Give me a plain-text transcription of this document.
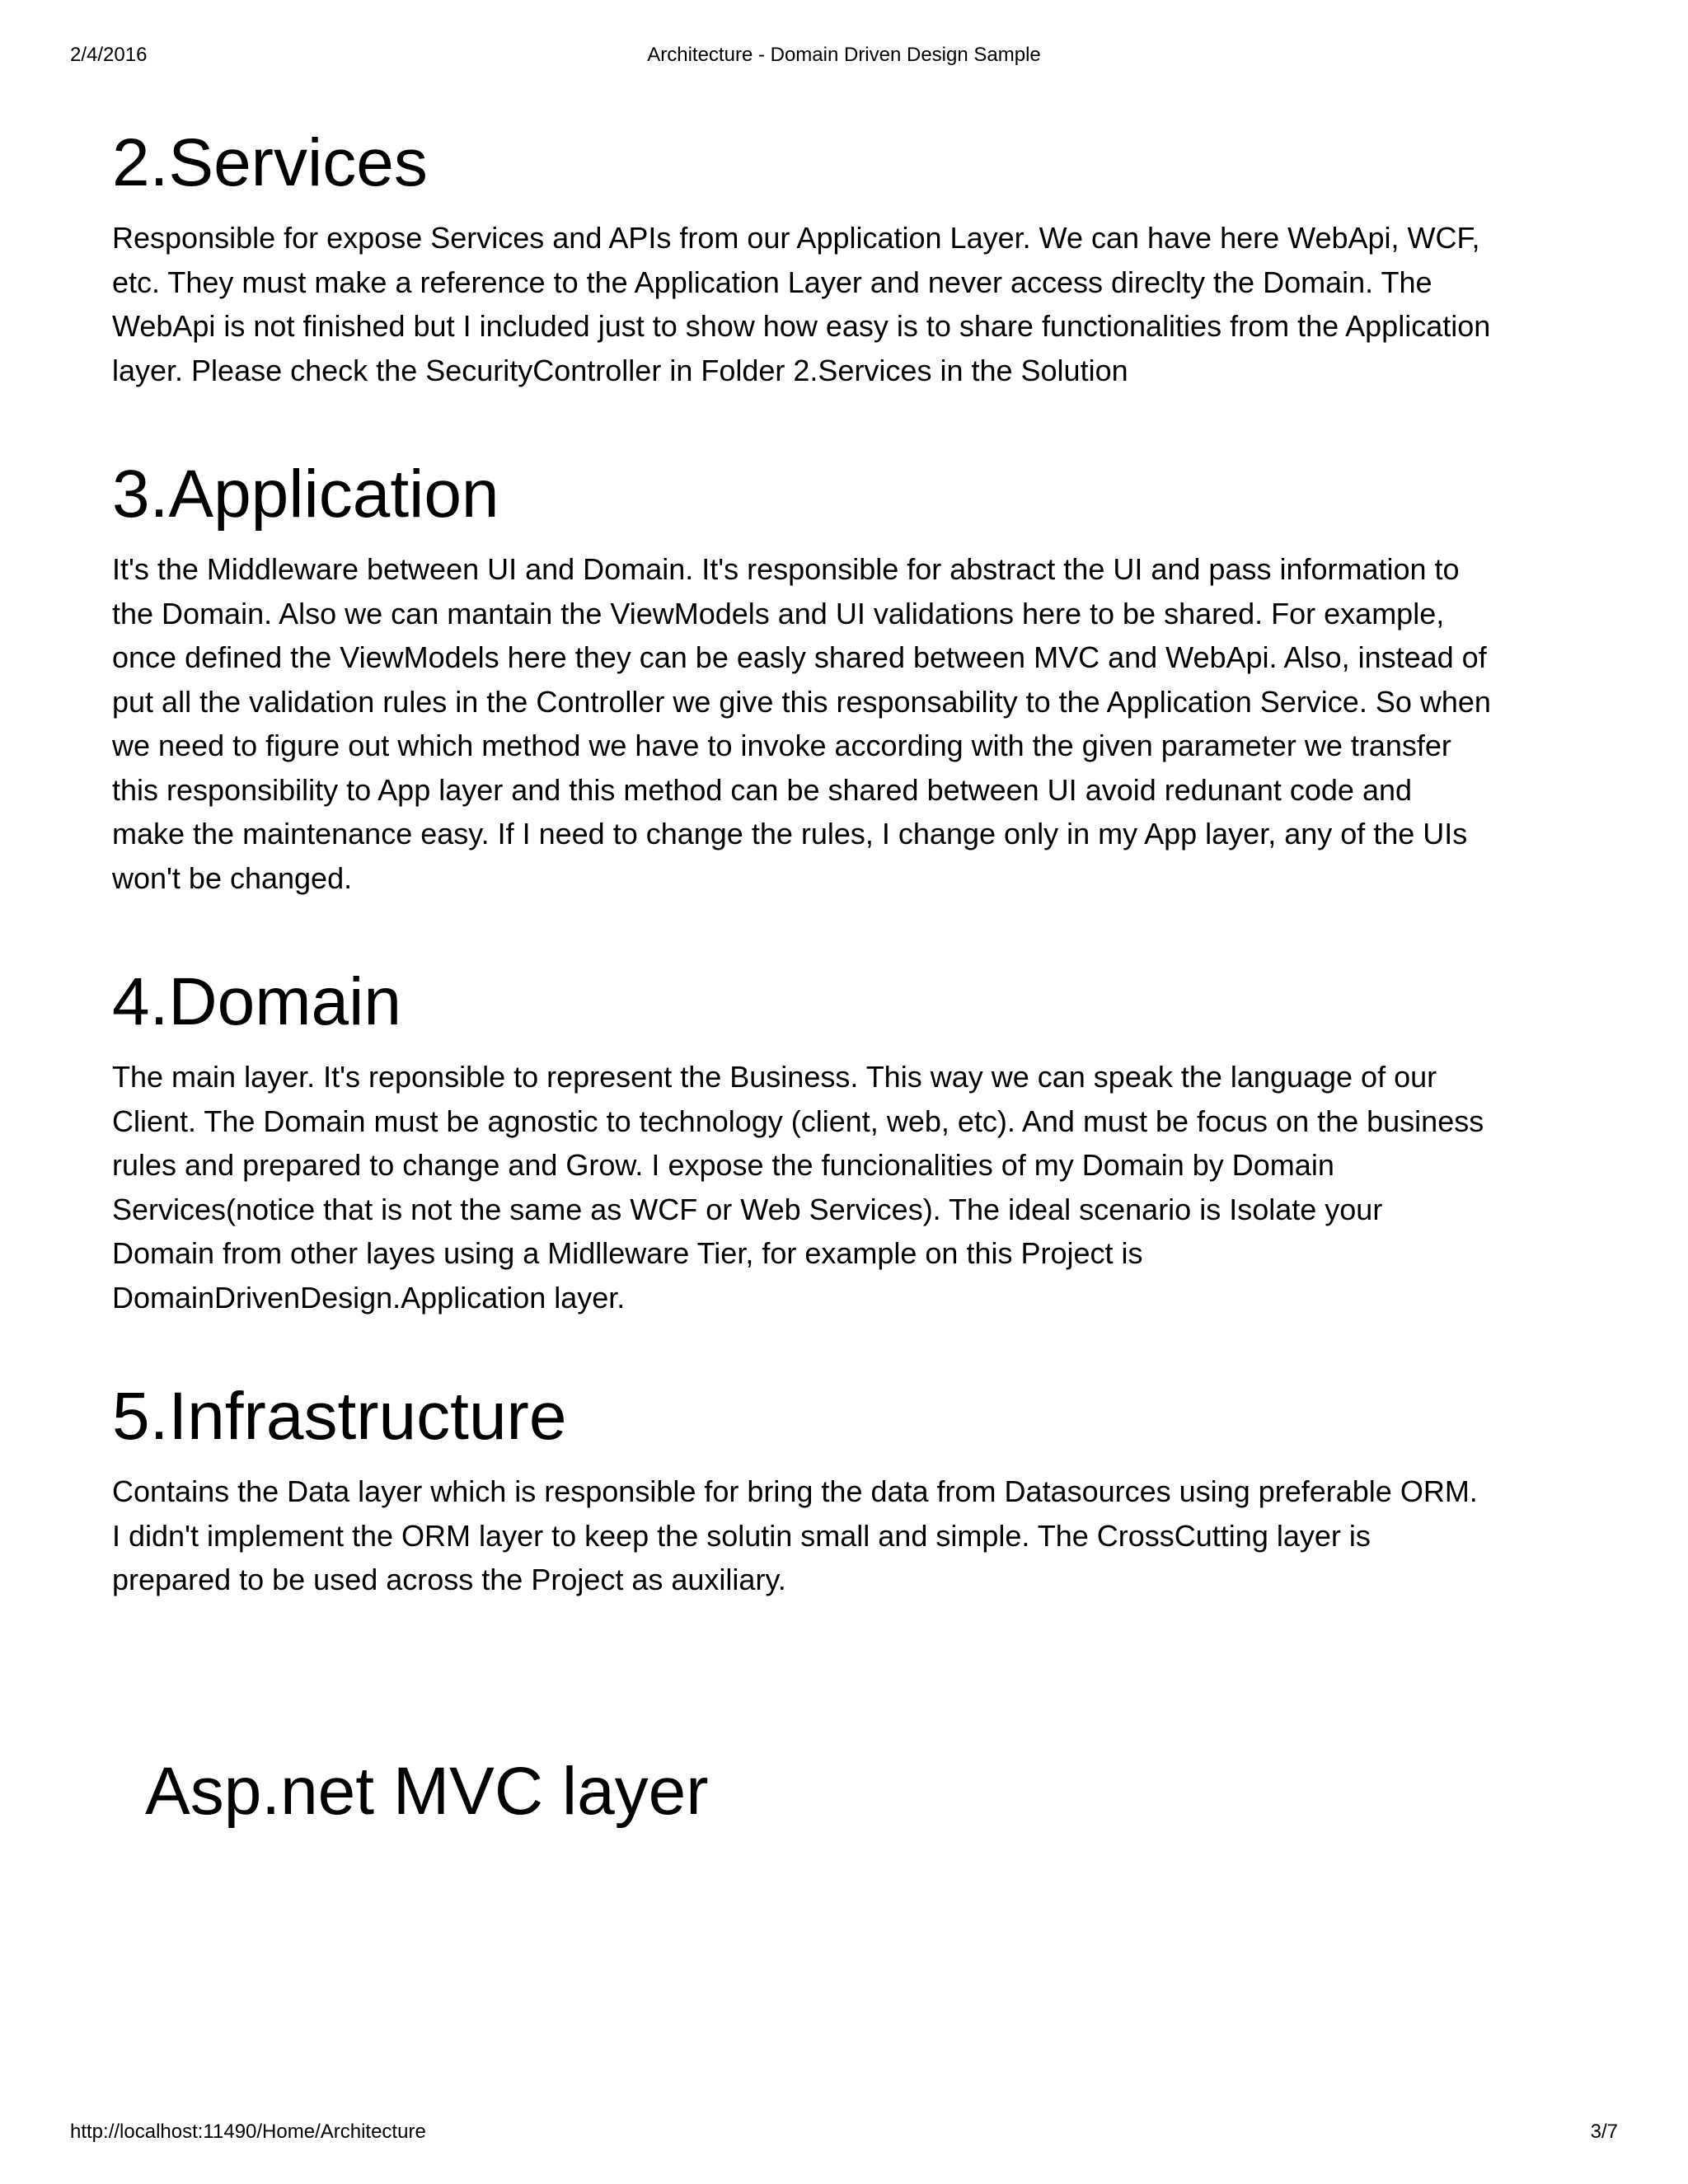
2/4/2016	Architecture - Domain Driven Design Sample
2.Services

Responsible for expose Services and APIs from our Application Layer. We can have here WebApi, WCF,
etc. They must make a reference to the Application Layer and never access direclty the Domain. The
WebApi is not finished but I included just to show how easy is to share functionalities from the Application
layer. Please check the SecurityController in Folder 2.Services in the Solution

3.Application

It's the Middleware between UI and Domain. It's responsible for abstract the UI and pass information to
the Domain. Also we can mantain the ViewModels and UI validations here to be shared. For example,
once defined the ViewModels here they can be easly shared between MVC and WebApi. Also, instead of
put all the validation rules in the Controller we give this responsability to the Application Service. So when
we need to figure out which method we have to invoke according with the given parameter we transfer
this responsibility to App layer and this method can be shared between UI avoid redunant code and
make the maintenance easy. If I need to change the rules, I change only in my App layer, any of the UIs
won't be changed.

4.Domain

The main layer. It's reponsible to represent the Business. This way we can speak the language of our
Client. The Domain must be agnostic to technology (client, web, etc). And must be focus on the business
rules and prepared to change and Grow. I expose the funcionalities of my Domain by Domain
Services(notice that is not the same as WCF or Web Services). The ideal scenario is Isolate your
Domain from other layes using a Midlleware Tier, for example on this Project is
DomainDrivenDesign.Application layer.

5.Infrastructure

Contains the Data layer which is responsible for bring the data from Datasources using preferable ORM.
I didn't implement the ORM layer to keep the solutin small and simple. The CrossCutting layer is
prepared to be used across the Project as auxiliary.

Asp.net MVC layer
http://localhost:11490/Home/Architecture	3/7
